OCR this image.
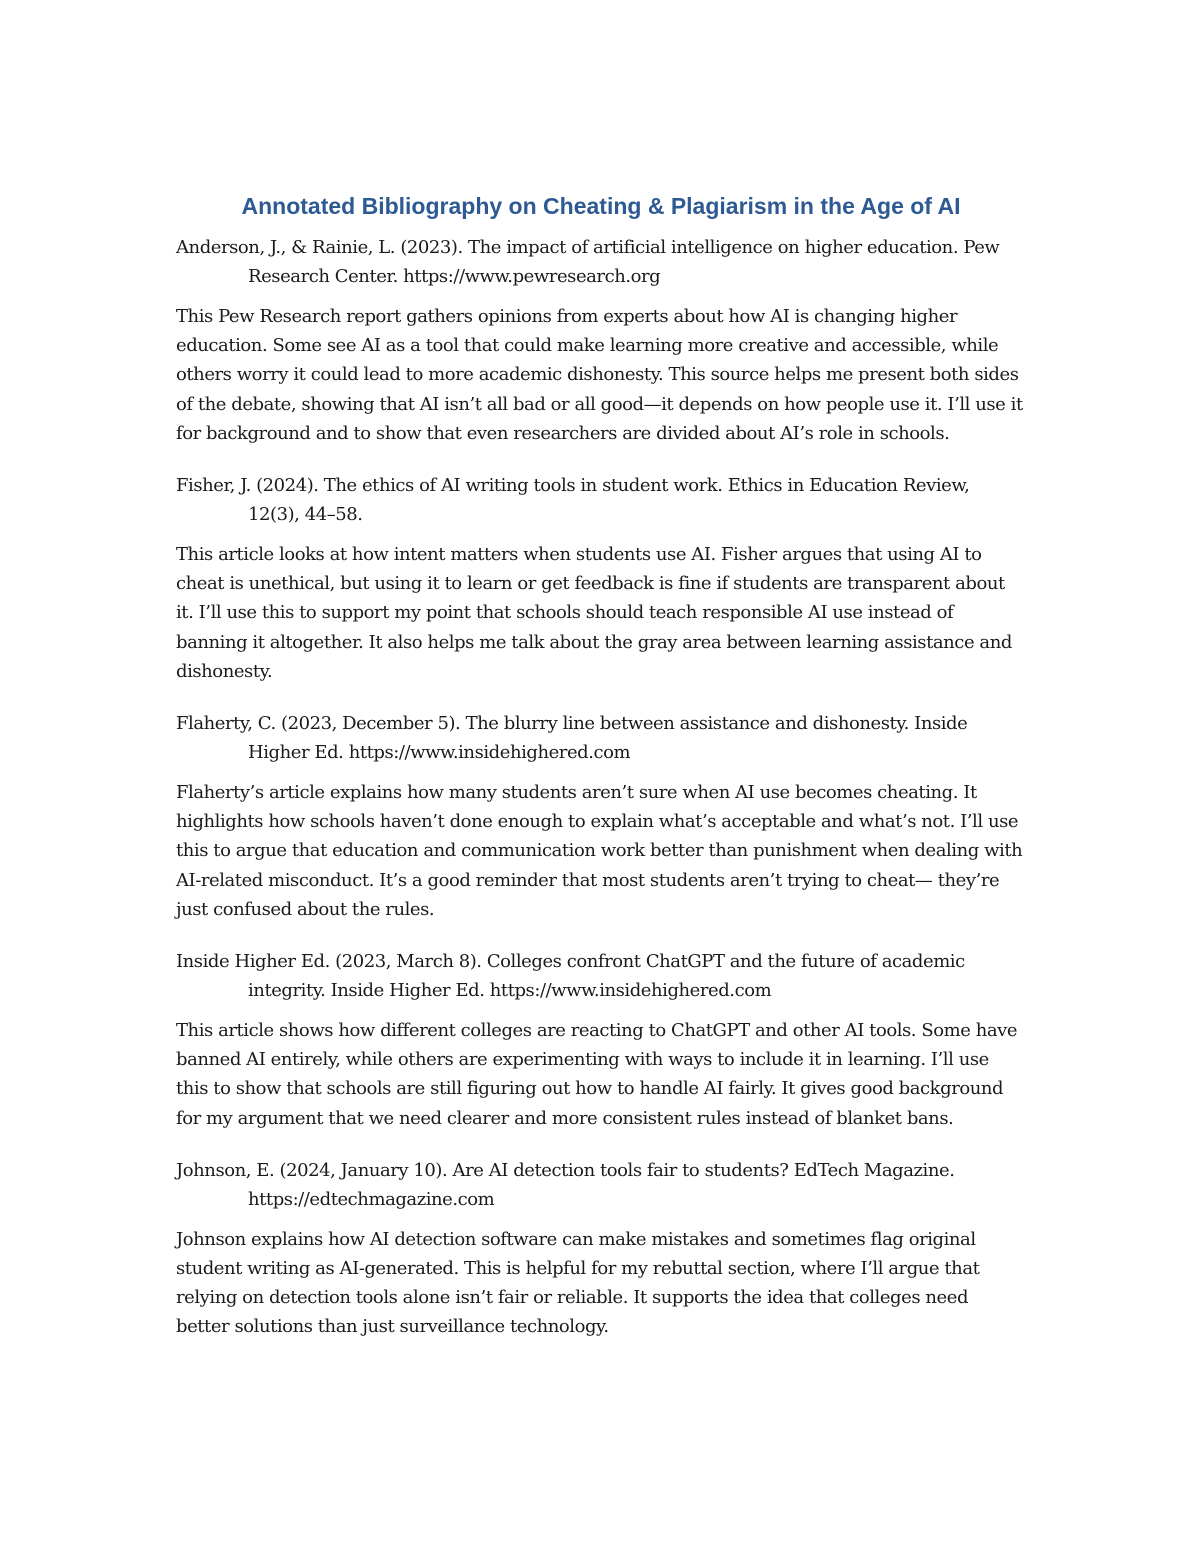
Annotated Bibliography on Cheating & Plagiarism in the Age of AI

Anderson, J., & Rainie, L. (2023). The impact of artificial intelligence on higher education. Pew Research Center. https://www.pewresearch.org

This Pew Research report gathers opinions from experts about how AI is changing higher education. Some see AI as a tool that could make learning more creative and accessible, while others worry it could lead to more academic dishonesty. This source helps me present both sides of the debate, showing that AI isn’t all bad or all good—it depends on how people use it. I’ll use it for background and to show that even researchers are divided about AI’s role in schools.

Fisher, J. (2024). The ethics of AI writing tools in student work. Ethics in Education Review, 12(3), 44–58.

This article looks at how intent matters when students use AI. Fisher argues that using AI to cheat is unethical, but using it to learn or get feedback is fine if students are transparent about it. I’ll use this to support my point that schools should teach responsible AI use instead of banning it altogether. It also helps me talk about the gray area between learning assistance and dishonesty.

Flaherty, C. (2023, December 5). The blurry line between assistance and dishonesty. Inside Higher Ed. https://www.insidehighered.com

Flaherty’s article explains how many students aren’t sure when AI use becomes cheating. It highlights how schools haven’t done enough to explain what’s acceptable and what’s not. I’ll use this to argue that education and communication work better than punishment when dealing with AI-related misconduct. It’s a good reminder that most students aren’t trying to cheat— they’re just confused about the rules.

Inside Higher Ed. (2023, March 8). Colleges confront ChatGPT and the future of academic integrity. Inside Higher Ed. https://www.insidehighered.com

This article shows how different colleges are reacting to ChatGPT and other AI tools. Some have banned AI entirely, while others are experimenting with ways to include it in learning. I’ll use this to show that schools are still figuring out how to handle AI fairly. It gives good background for my argument that we need clearer and more consistent rules instead of blanket bans.

Johnson, E. (2024, January 10). Are AI detection tools fair to students? EdTech Magazine. https://edtechmagazine.com

Johnson explains how AI detection software can make mistakes and sometimes flag original student writing as AI-generated. This is helpful for my rebuttal section, where I’ll argue that relying on detection tools alone isn’t fair or reliable. It supports the idea that colleges need better solutions than just surveillance technology.
